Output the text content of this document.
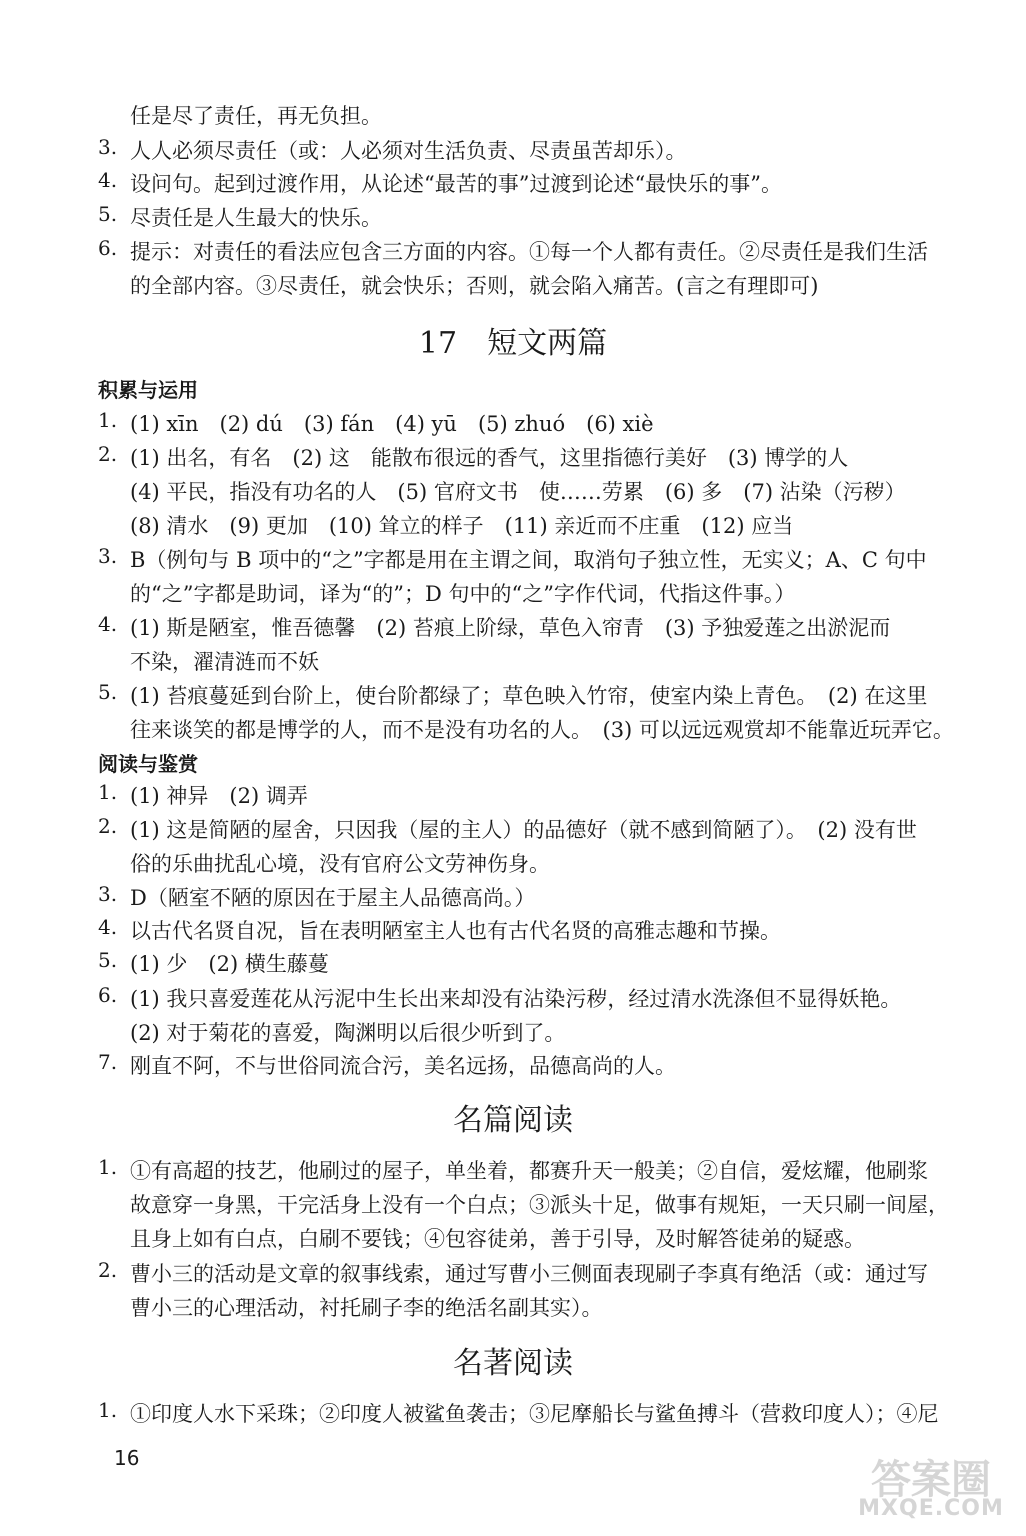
任是尽了责任，再无负担。
3. 人人必须尽责任（或：人必须对生活负责、尽责虽苦却乐）。
4. 设问句。起到过渡作用，从论述“最苦的事”过渡到论述“最快乐的事”。
5. 尽责任是人生最大的快乐。
6. 提示：对责任的看法应包含三方面的内容。①每一个人都有责任。②尽责任是我们生活
的全部内容。③尽责任，就会快乐；否则，就会陷入痛苦。(言之有理即可)
17　短文两篇
积累与运用
1. (1) xīn　(2) dú　(3) fán　(4) yū　(5) zhuó　(6) xiè
2. (1) 出名，有名　(2) 这　能散布很远的香气，这里指德行美好　(3) 博学的人
(4) 平民，指没有功名的人　(5) 官府文书　使……劳累　(6) 多　(7) 沾染（污秽）
(8) 清水　(9) 更加　(10) 耸立的样子　(11) 亲近而不庄重　(12) 应当
3. B（例句与 B 项中的“之”字都是用在主谓之间，取消句子独立性，无实义；A、C 句中
的“之”字都是助词，译为“的”；D 句中的“之”字作代词，代指这件事。）
4. (1) 斯是陋室，惟吾德馨　(2) 苔痕上阶绿，草色入帘青　(3) 予独爱莲之出淤泥而
不染，濯清涟而不妖
5. (1) 苔痕蔓延到台阶上，使台阶都绿了；草色映入竹帘，使室内染上青色。　(2) 在这里
往来谈笑的都是博学的人，而不是没有功名的人。　(3) 可以远远观赏却不能靠近玩弄它。
阅读与鉴赏
1. (1) 神异　(2) 调弄
2. (1) 这是简陋的屋舍，只因我（屋的主人）的品德好（就不感到简陋了）。　(2) 没有世
俗的乐曲扰乱心境，没有官府公文劳神伤身。
3. D（陋室不陋的原因在于屋主人品德高尚。）
4. 以古代名贤自况，旨在表明陋室主人也有古代名贤的高雅志趣和节操。
5. (1) 少　(2) 横生藤蔓
6. (1) 我只喜爱莲花从污泥中生长出来却没有沾染污秽，经过清水洗涤但不显得妖艳。
(2) 对于菊花的喜爱，陶渊明以后很少听到了。
7. 刚直不阿，不与世俗同流合污，美名远扬，品德高尚的人。
名篇阅读
1. ①有高超的技艺，他刷过的屋子，单坐着，都赛升天一般美；②自信，爱炫耀，他刷浆
故意穿一身黑，干完活身上没有一个白点；③派头十足，做事有规矩，一天只刷一间屋，
且身上如有白点，白刷不要钱；④包容徒弟，善于引导，及时解答徒弟的疑惑。
2. 曹小三的活动是文章的叙事线索，通过写曹小三侧面表现刷子李真有绝活（或：通过写
曹小三的心理活动，衬托刷子李的绝活名副其实）。
名著阅读
1. ①印度人水下采珠；②印度人被鲨鱼袭击；③尼摩船长与鲨鱼搏斗（营救印度人）；④尼
16	答案圈
MXQE.COM
